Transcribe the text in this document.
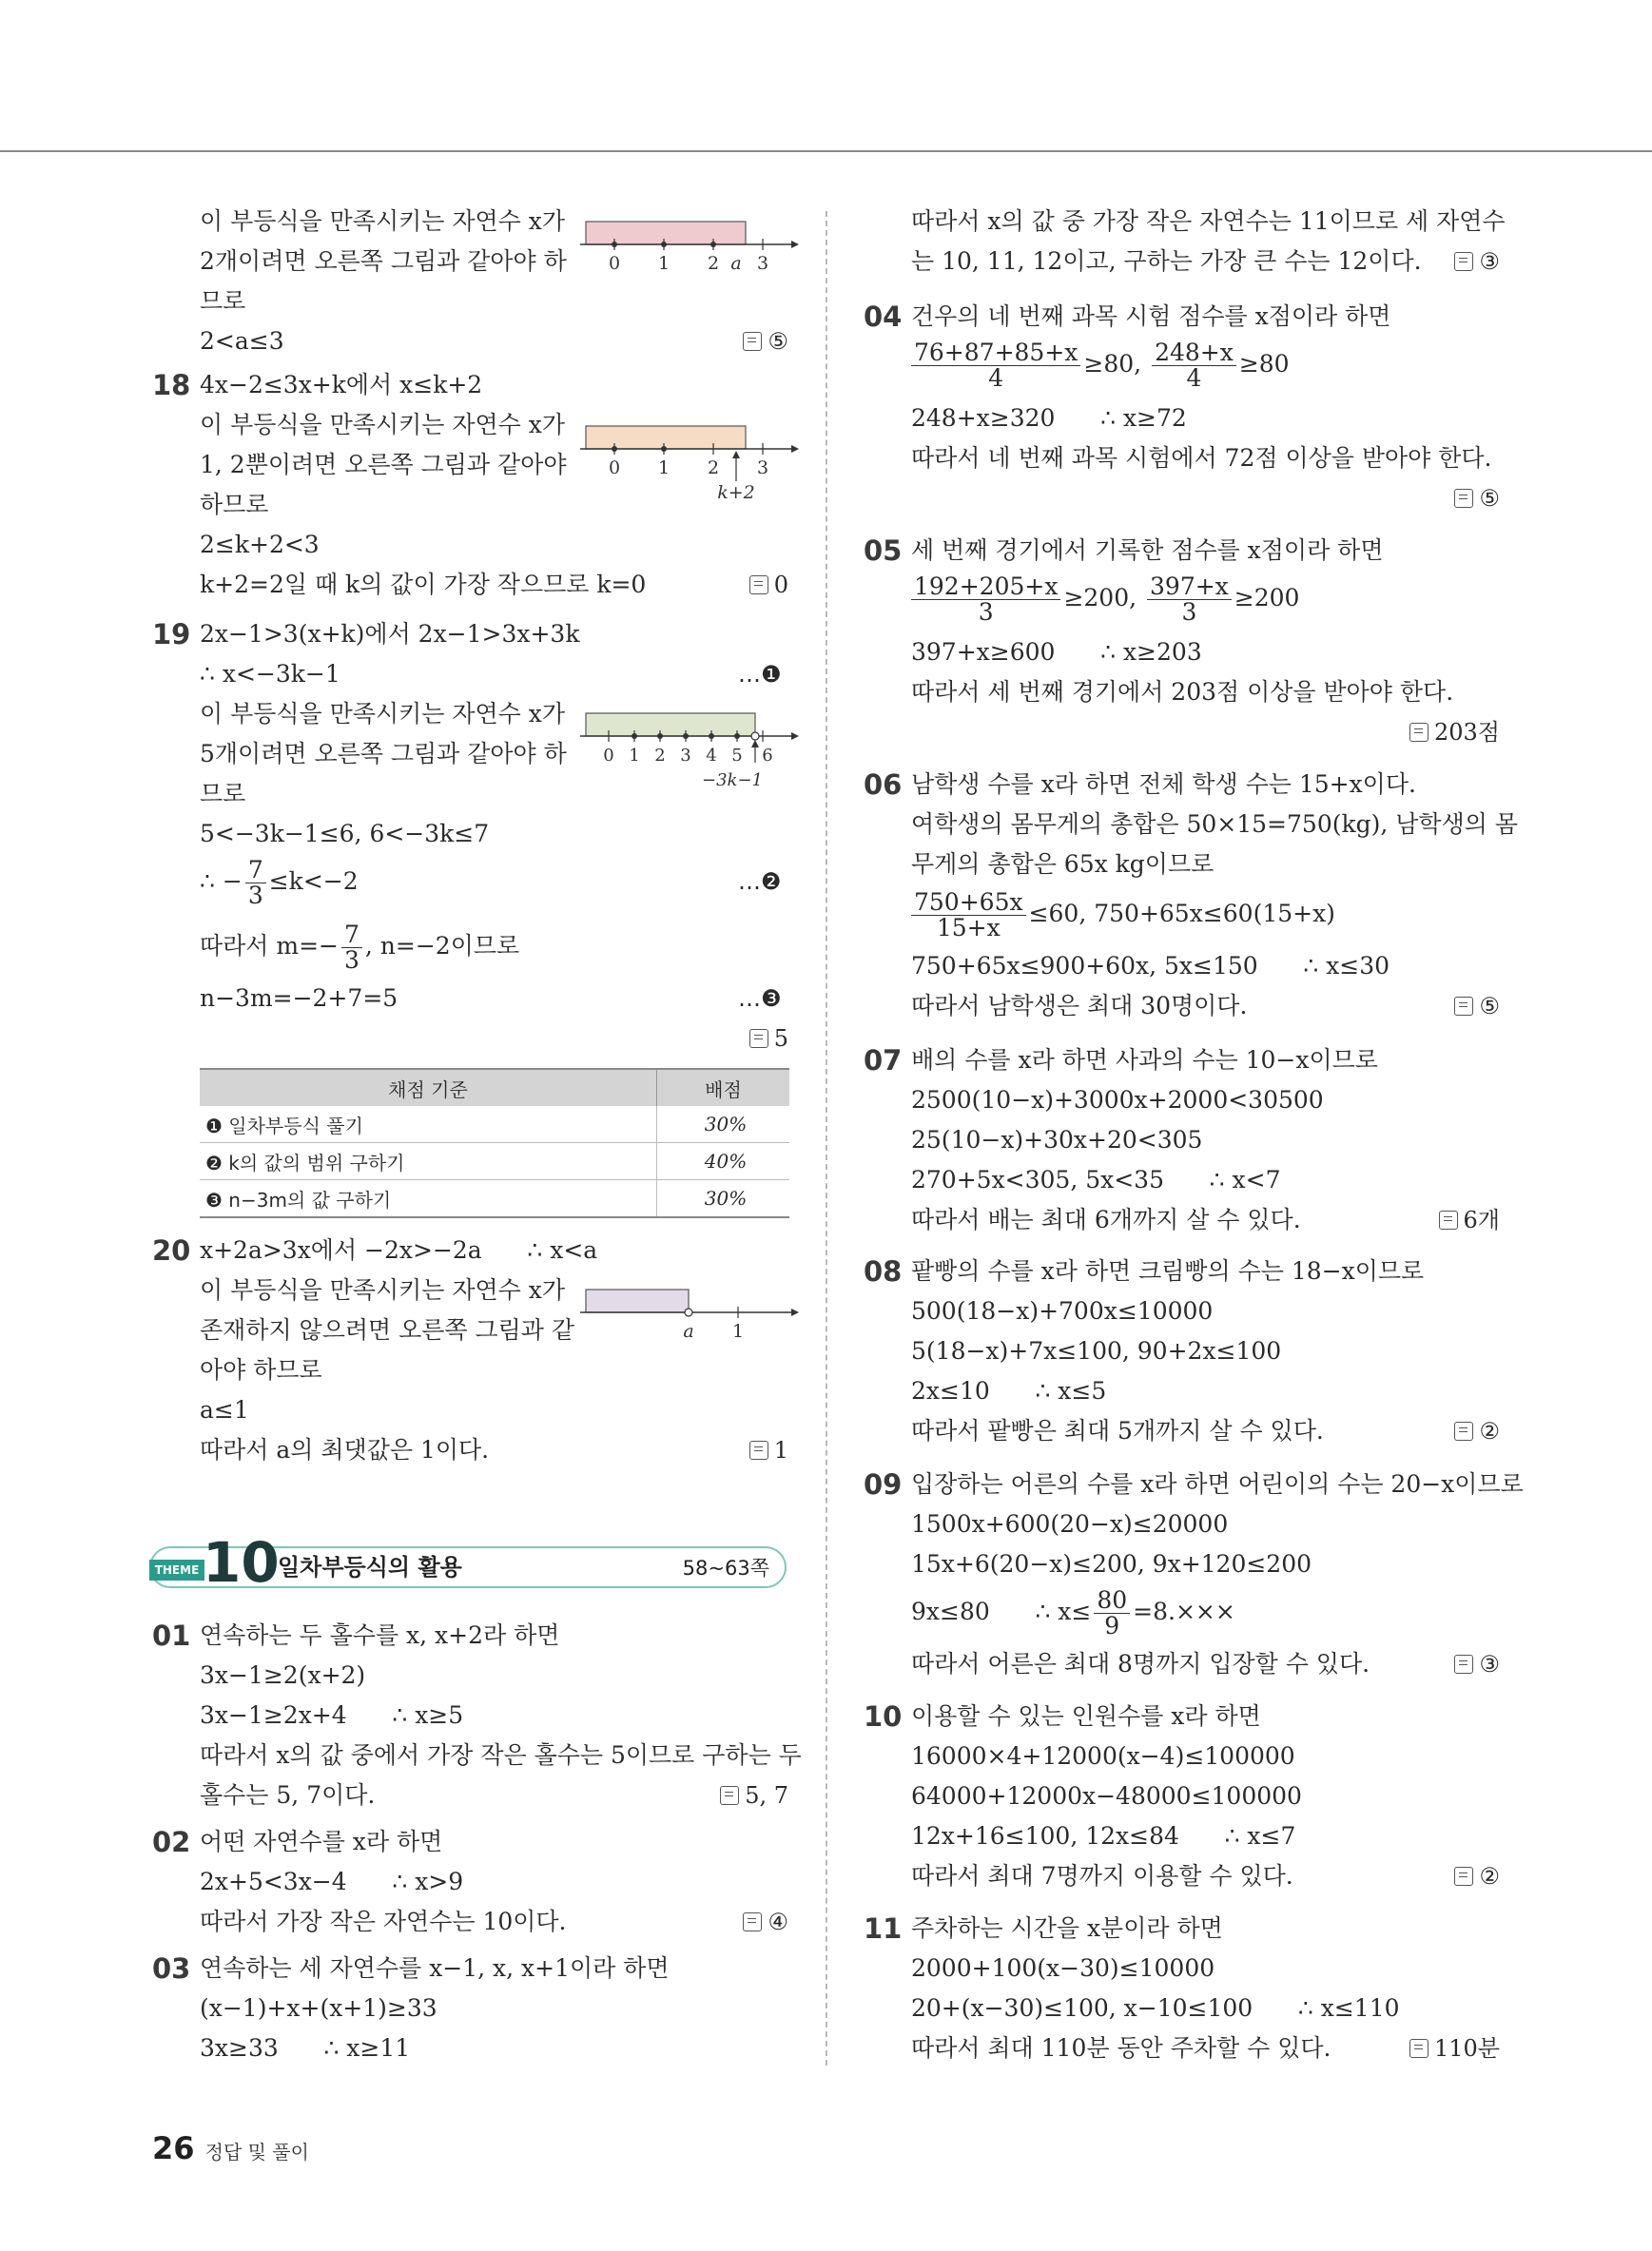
이 부등식을 만족시키는 자연수 x가
2개이려면 오른쪽 그림과 같아야 하
므로
2<a≤3	⑤
0 1 2 a 3
18 4x−2≤3x+k에서 x≤k+2
이 부등식을 만족시키는 자연수 x가
1, 2뿐이려면 오른쪽 그림과 같아야
하므로
2≤k+2<3
k+2=2일 때 k의 값이 가장 작으므로 k=0	0
0 1 2 3
k+2
19 2x−1>3(x+k)에서 2x−1>3x+3k
∴ x<−3k−1	…❶
이 부등식을 만족시키는 자연수 x가
5개이려면 오른쪽 그림과 같아야 하
므로
5<−3k−1≤6, 6<−3k≤7
∴ − $\frac{7}{3} \le k<-2$	…❷
따라서 $m=- \frac{7}{3}$ , n=−2이므로
n−3m=−2+7=5	…❸
5
0 1 2 3 4 5 6
−3k−1
채점 기준	배점
❶ 일차부등식 풀기	30%
❷ k의 값의 범위 구하기	40%
❸ n−3m의 값 구하기	30%
20 x+2a>3x에서 −2x>−2a      ∴ x<a
이 부등식을 만족시키는 자연수 x가
존재하지 않으려면 오른쪽 그림과 같
아야 하므로
a≤1
따라서 a의 최댓값은 1이다.	1
a 1
THEME 10
일차부등식의 활용	58~63쪽
01 연속하는 두 홀수를 x, x+2라 하면
3x−1≥2(x+2)
3x−1≥2x+4      ∴ x≥5
따라서 x의 값 중에서 가장 작은 홀수는 5이므로 구하는 두
홀수는 5, 7이다.	5, 7
02 어떤 자연수를 x라 하면
2x+5<3x−4      ∴ x>9
따라서 가장 작은 자연수는 10이다.	④
03 연속하는 세 자연수를 x−1, x, x+1이라 하면
(x−1)+x+(x+1)≥33
3x≥33      ∴ x≥11
따라서 x의 값 중 가장 작은 자연수는 11이므로 세 자연수
는 10, 11, 12이고, 구하는 가장 큰 수는 12이다.	③
04 건우의 네 번째 과목 시험 점수를 x점이라 하면
$\frac{76+87+85+x}{4} \ge 80$, $\frac{248+x}{4} \ge 80$
248+x≥320      ∴ x≥72
따라서 네 번째 과목 시험에서 72점 이상을 받아야 한다.
⑤
05 세 번째 경기에서 기록한 점수를 x점이라 하면
$\frac{192+205+x}{3} \ge 200$, $\frac{397+x}{3} \ge 200$
397+x≥600      ∴ x≥203
따라서 세 번째 경기에서 203점 이상을 받아야 한다.
203점
06 남학생 수를 x라 하면 전체 학생 수는 15+x이다.
여학생의 몸무게의 총합은 50×15=750(kg), 남학생의 몸
무게의 총합은 65x kg이므로
$\frac{750+65x}{15+x} \le 60$, 750+65x≤60(15+x)
750+65x≤900+60x, 5x≤150      ∴ x≤30
따라서 남학생은 최대 30명이다.	⑤
07 배의 수를 x라 하면 사과의 수는 10−x이므로
2500(10−x)+3000x+2000<30500
25(10−x)+30x+20<305
270+5x<305, 5x<35      ∴ x<7
따라서 배는 최대 6개까지 살 수 있다.	6개
08 팥빵의 수를 x라 하면 크림빵의 수는 18−x이므로
500(18−x)+700x≤10000
5(18−x)+7x≤100, 90+2x≤100
2x≤10      ∴ x≤5
따라서 팥빵은 최대 5개까지 살 수 있다.	②
09 입장하는 어른의 수를 x라 하면 어린이의 수는 20−x이므로
1500x+600(20−x)≤20000
15x+6(20−x)≤200, 9x+120≤200
9x≤80      ∴ $x\le \frac{80}{9} =8.\times\times\times$
따라서 어른은 최대 8명까지 입장할 수 있다.	③
10 이용할 수 있는 인원수를 x라 하면
16000×4+12000(x−4)≤100000
64000+12000x−48000≤100000
12x+16≤100, 12x≤84      ∴ x≤7
따라서 최대 7명까지 이용할 수 있다.	②
11 주차하는 시간을 x분이라 하면
2000+100(x−30)≤10000
20+(x−30)≤100, x−10≤100      ∴ x≤110
따라서 최대 110분 동안 주차할 수 있다.	110분
26 정답 및 풀이
